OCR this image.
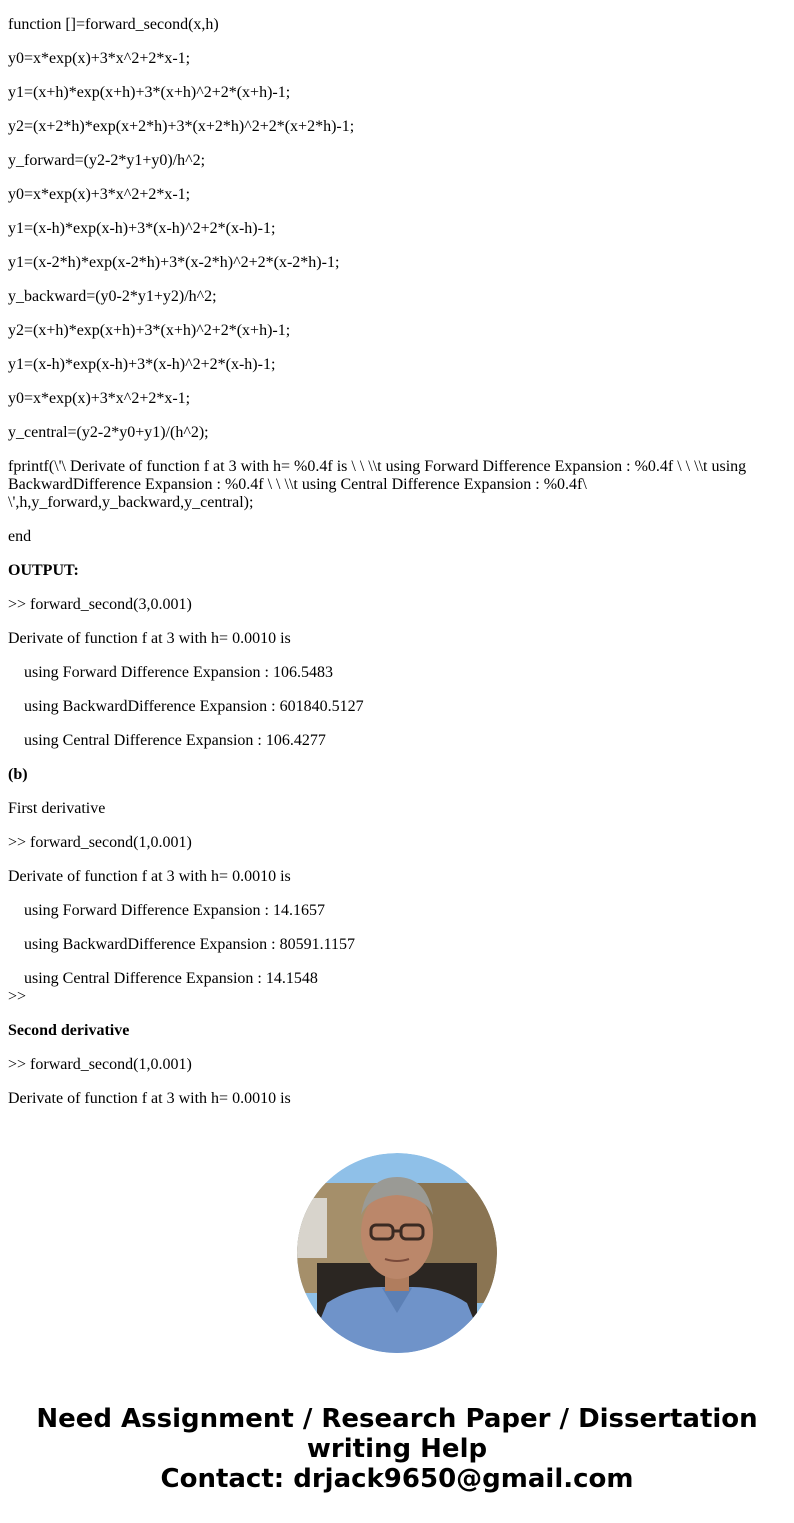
function []=forward_second(x,h)

y0=x*exp(x)+3*x^2+2*x-1;

y1=(x+h)*exp(x+h)+3*(x+h)^2+2*(x+h)-1;

y2=(x+2*h)*exp(x+2*h)+3*(x+2*h)^2+2*(x+2*h)-1;

y_forward=(y2-2*y1+y0)/h^2;

y0=x*exp(x)+3*x^2+2*x-1;

y1=(x-h)*exp(x-h)+3*(x-h)^2+2*(x-h)-1;

y1=(x-2*h)*exp(x-2*h)+3*(x-2*h)^2+2*(x-2*h)-1;

y_backward=(y0-2*y1+y2)/h^2;

y2=(x+h)*exp(x+h)+3*(x+h)^2+2*(x+h)-1;

y1=(x-h)*exp(x-h)+3*(x-h)^2+2*(x-h)-1;

y0=x*exp(x)+3*x^2+2*x-1;

y_central=(y2-2*y0+y1)/(h^2);

fprintf(\'\ Derivate of function f at 3 with h= %0.4f is \ \ \\t using Forward Difference Expansion : %0.4f \ \ \\t using BackwardDifference Expansion : %0.4f \ \ \\t using Central Difference Expansion : %0.4f\ \',h,y_forward,y_backward,y_central);

end

OUTPUT:

>> forward_second(3,0.001)

Derivate of function f at 3 with h= 0.0010 is

using Forward Difference Expansion : 106.5483

using BackwardDifference Expansion : 601840.5127

using Central Difference Expansion : 106.4277

(b)

First derivative

>> forward_second(1,0.001)

Derivate of function f at 3 with h= 0.0010 is

using Forward Difference Expansion : 14.1657

using BackwardDifference Expansion : 80591.1157

using Central Difference Expansion : 14.1548

>>

Second derivative

>> forward_second(1,0.001)

Derivate of function f at 3 with h= 0.0010 is

Need Assignment / Research Paper / Dissertation
writing Help
Contact: drjack9650@gmail.com
